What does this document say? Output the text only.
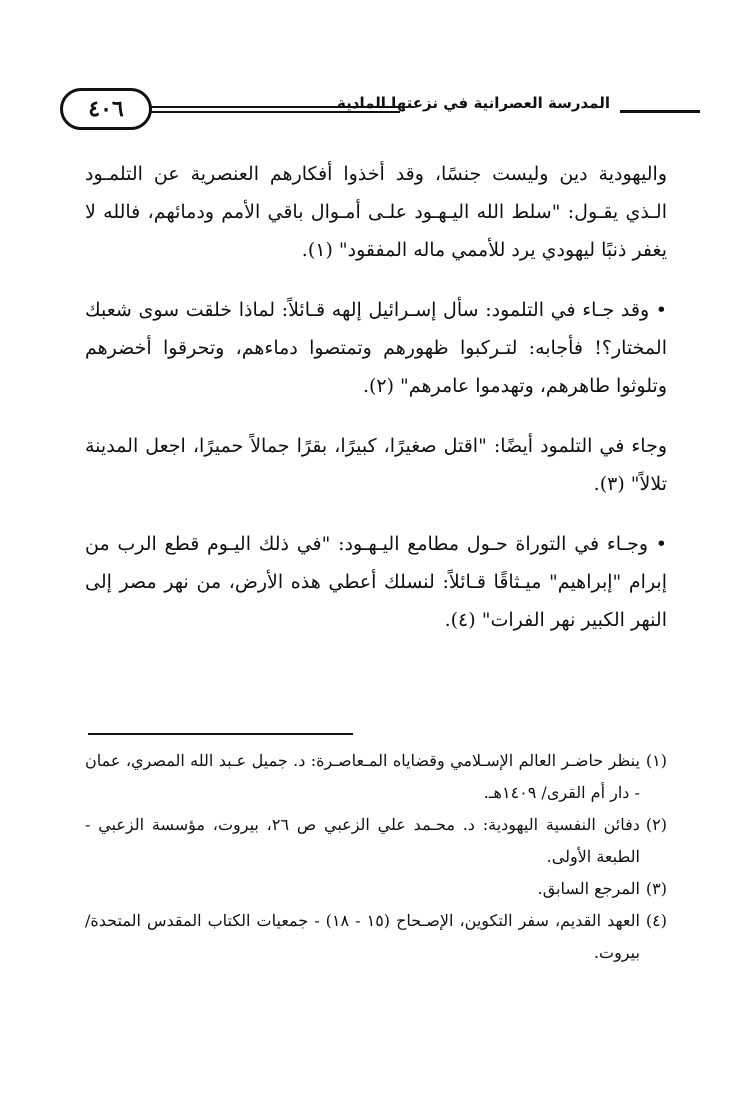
٤٠٦	المدرسة العصرانية في نزعتها المادية

واليهودية دين وليست جنسًا، وقد أخذوا أفكارهم العنصرية عن التلمـود الـذي يقـول: "سلط الله اليـهـود علـى أمـوال باقي الأمم ودمائهم، فالله لا يغفر ذنبًا ليهودي يرد للأممي ماله المفقود" (١).

• وقد جـاء في التلمود: سأل إسـرائيل إلهه قـائلاً: لماذا خلقت سوى شعبك المختار؟! فأجابه: لتـركبوا ظهورهم وتمتصوا دماءهم، وتحرقوا أخضرهم وتلوثوا طاهرهم، وتهدموا عامرهم" (٢).

وجاء في التلمود أيضًا: "اقتل صغيرًا، كبيرًا، بقرًا جمالاً حميرًا، اجعل المدينة تلالاً" (٣).

• وجـاء في التوراة حـول مطامع اليـهـود: "في ذلك اليـوم قطع الرب من إبرام "إبراهيم" ميـثاقًا قـائلاً: لنسلك أعطي هذه الأرض، من نهر مصر إلى النهر الكبير نهر الفرات" (٤).

(١)
ينظر حاضـر العالم الإسـلامي وقضاياه المـعاصـرة: د. جميل عـبد الله المصري، عمان - دار أم القرى/ ١٤٠٩هـ.
(٢)
دفائن النفسية اليهودية: د. محـمد علي الزعبي ص ٢٦، بيروت، مؤسسة الزعبي - الطبعة الأولى.
(٣)
المرجع السابق.
(٤)
العهد القديم، سفر التكوين، الإصـحاح (١٥ - ١٨) - جمعيات الكتاب المقدس المتحدة/ بيروت.
